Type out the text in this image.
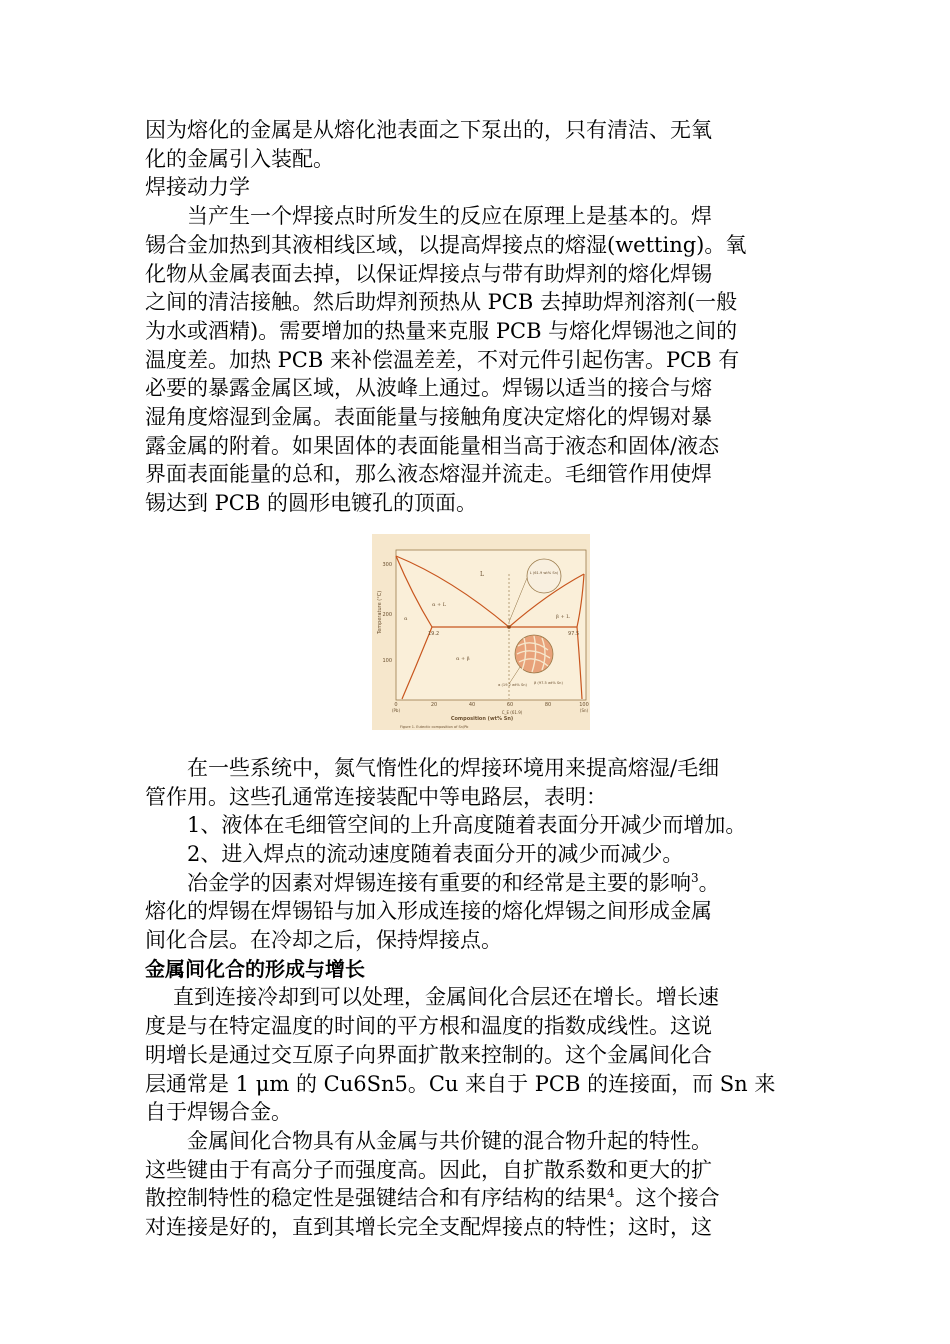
因为熔化的金属是从熔化池表面之下泵出的，只有清洁、无氧

化的金属引入装配。

焊接动力学

当产生一个焊接点时所发生的反应在原理上是基本的。焊

锡合金加热到其液相线区域，以提高焊接点的熔湿(wetting)。氧

化物从金属表面去掉，以保证焊接点与带有助焊剂的熔化焊锡

之间的清洁接触。然后助焊剂预热从 PCB 去掉助焊剂溶剂(一般

为水或酒精)。需要增加的热量来克服 PCB 与熔化焊锡池之间的

温度差。加热 PCB 来补偿温差差，不对元件引起伤害。PCB 有

必要的暴露金属区域，从波峰上通过。焊锡以适当的接合与熔

湿角度熔湿到金属。表面能量与接触角度决定熔化的焊锡对暴

露金属的附着。如果固体的表面能量相当高于液态和固体/液态

界面表面能量的总和，那么液态熔湿并流走。毛细管作用使焊

锡达到 PCB 的圆形电镀孔的顶面。

300
200
100
Temperature (°C)
0	20	40	60	80	100
(Pb)	(Sn)
C_E (61.9)
Composition (wt% Sn)
Figure 1. Eutectic composition of Sn/Pb
L
α + L
β + L
α
α + β
19.2	97.5
L (61.9 wt% Sn)
α (19.2 wt% Sn) β (97.5 wt% Sn)

在一些系统中，氮气惰性化的焊接环境用来提高熔湿/毛细

管作用。这些孔通常连接装配中等电路层，表明：

1、液体在毛细管空间的上升高度随着表面分开减少而增加。

2、进入焊点的流动速度随着表面分开的减少而减少。

冶金学的因素对焊锡连接有重要的和经常是主要的影响$^3$。

熔化的焊锡在焊锡铅与加入形成连接的熔化焊锡之间形成金属

间化合层。在冷却之后，保持焊接点。

金属间化合的形成与增长

直到连接冷却到可以处理，金属间化合层还在增长。增长速

度是与在特定温度的时间的平方根和温度的指数成线性。这说

明增长是通过交互原子向界面扩散来控制的。这个金属间化合

层通常是 1 μm 的 Cu6Sn5。Cu 来自于 PCB 的连接面，而 Sn 来

自于焊锡合金。

金属间化合物具有从金属与共价键的混合物升起的特性。

这些键由于有高分子而强度高。因此，自扩散系数和更大的扩

散控制特性的稳定性是强键结合和有序结构的结果$^4$。这个接合

对连接是好的，直到其增长完全支配焊接点的特性；这时，这
